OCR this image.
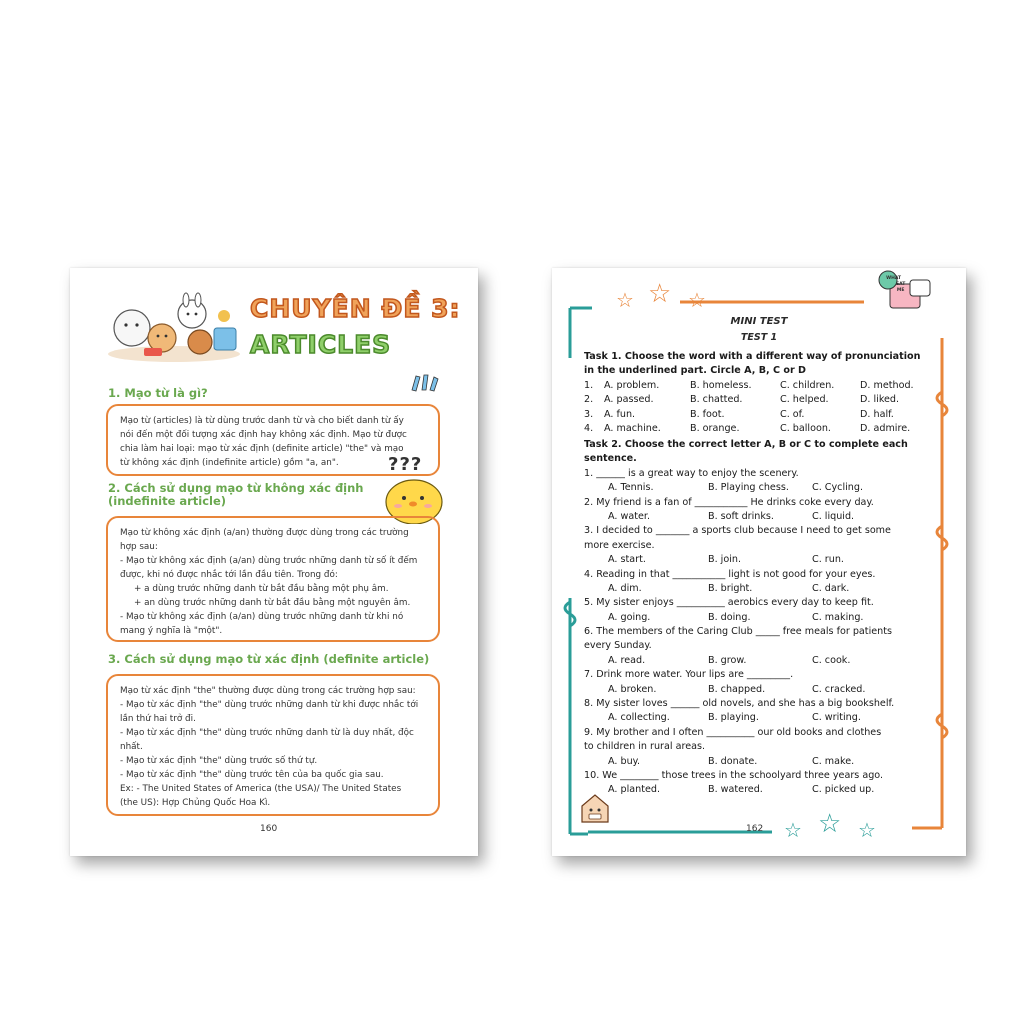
CHUYÊN ĐỀ 3:
ARTICLES
1. Mạo từ là gì?

Mạo từ (articles) là từ dùng trước danh từ và cho biết danh từ ấy

nói đến một đối tượng xác định hay không xác định. Mạo từ được

chia làm hai loại: mạo từ xác định (definite article) "the" và mạo

từ không xác định (indefinite article) gồm "a, an".

2. Cách sử dụng mạo từ không xác định
(indefinite article)
???

Mạo từ không xác định (a/an) thường được dùng trong các trường

hợp sau:

- Mạo từ không xác định (a/an) dùng trước những danh từ số ít đếm

được, khi nó được nhắc tới lần đầu tiên. Trong đó:

+ a dùng trước những danh từ bắt đầu bằng một phụ âm.

+ an dùng trước những danh từ bắt đầu bằng một nguyên âm.

- Mạo từ không xác định (a/an) dùng trước những danh từ khi nó

mang ý nghĩa là "một".

3. Cách sử dụng mạo từ xác định (definite article)

Mạo từ xác định "the" thường được dùng trong các trường hợp sau:

- Mạo từ xác định "the" dùng trước những danh từ khi được nhắc tới

lần thứ hai trở đi.

- Mạo từ xác định "the" dùng trước những danh từ là duy nhất, độc

nhất.

- Mạo từ xác định "the" dùng trước số thứ tự.

- Mạo từ xác định "the" dùng trước tên của ba quốc gia sau.

Ex: - The United States of America (the USA)/ The United States

(the US): Hợp Chủng Quốc Hoa Kì.

160
☆ ☆ ☆
☆ ☆ ☆
WHAT
EAT
ME
MINI TEST
TEST 1
Task 1. Choose the word with a different way of pronunciation
in the underlined part. Circle A, B, C or D
1.	A. problem.	B. homeless.	C. children.	D. method.
2.	A. passed.	B. chatted.	C. helped.	D. liked.
3.	A. fun.	B. foot.	C. of.	D. half.
4.	A. machine.	B. orange.	C. balloon.	D. admire.
Task 2. Choose the correct letter A, B or C to complete each
sentence.
1. ______ is a great way to enjoy the scenery.
A. Tennis.	B. Playing chess.	C. Cycling.
2. My friend is a fan of ___________ He drinks coke every day.
A. water.	B. soft drinks.	C. liquid.
3. I decided to _______ a sports club because I need to get some
more exercise.
A. start.	B. join.	C. run.
4. Reading in that ___________ light is not good for your eyes.
A. dim.	B. bright.	C. dark.
5. My sister enjoys __________ aerobics every day to keep fit.
A. going.	B. doing.	C. making.
6. The members of the Caring Club _____ free meals for patients
every Sunday.
A. read.	B. grow.	C. cook.
7. Drink more water. Your lips are _________.
A. broken.	B. chapped.	C. cracked.
8. My sister loves ______ old novels, and she has a big bookshelf.
A. collecting.	B. playing.	C. writing.
9. My brother and I often __________ our old books and clothes
to children in rural areas.
A. buy.	B. donate.	C. make.
10. We ________ those trees in the schoolyard three years ago.
A. planted.	B. watered.	C. picked up.
162
